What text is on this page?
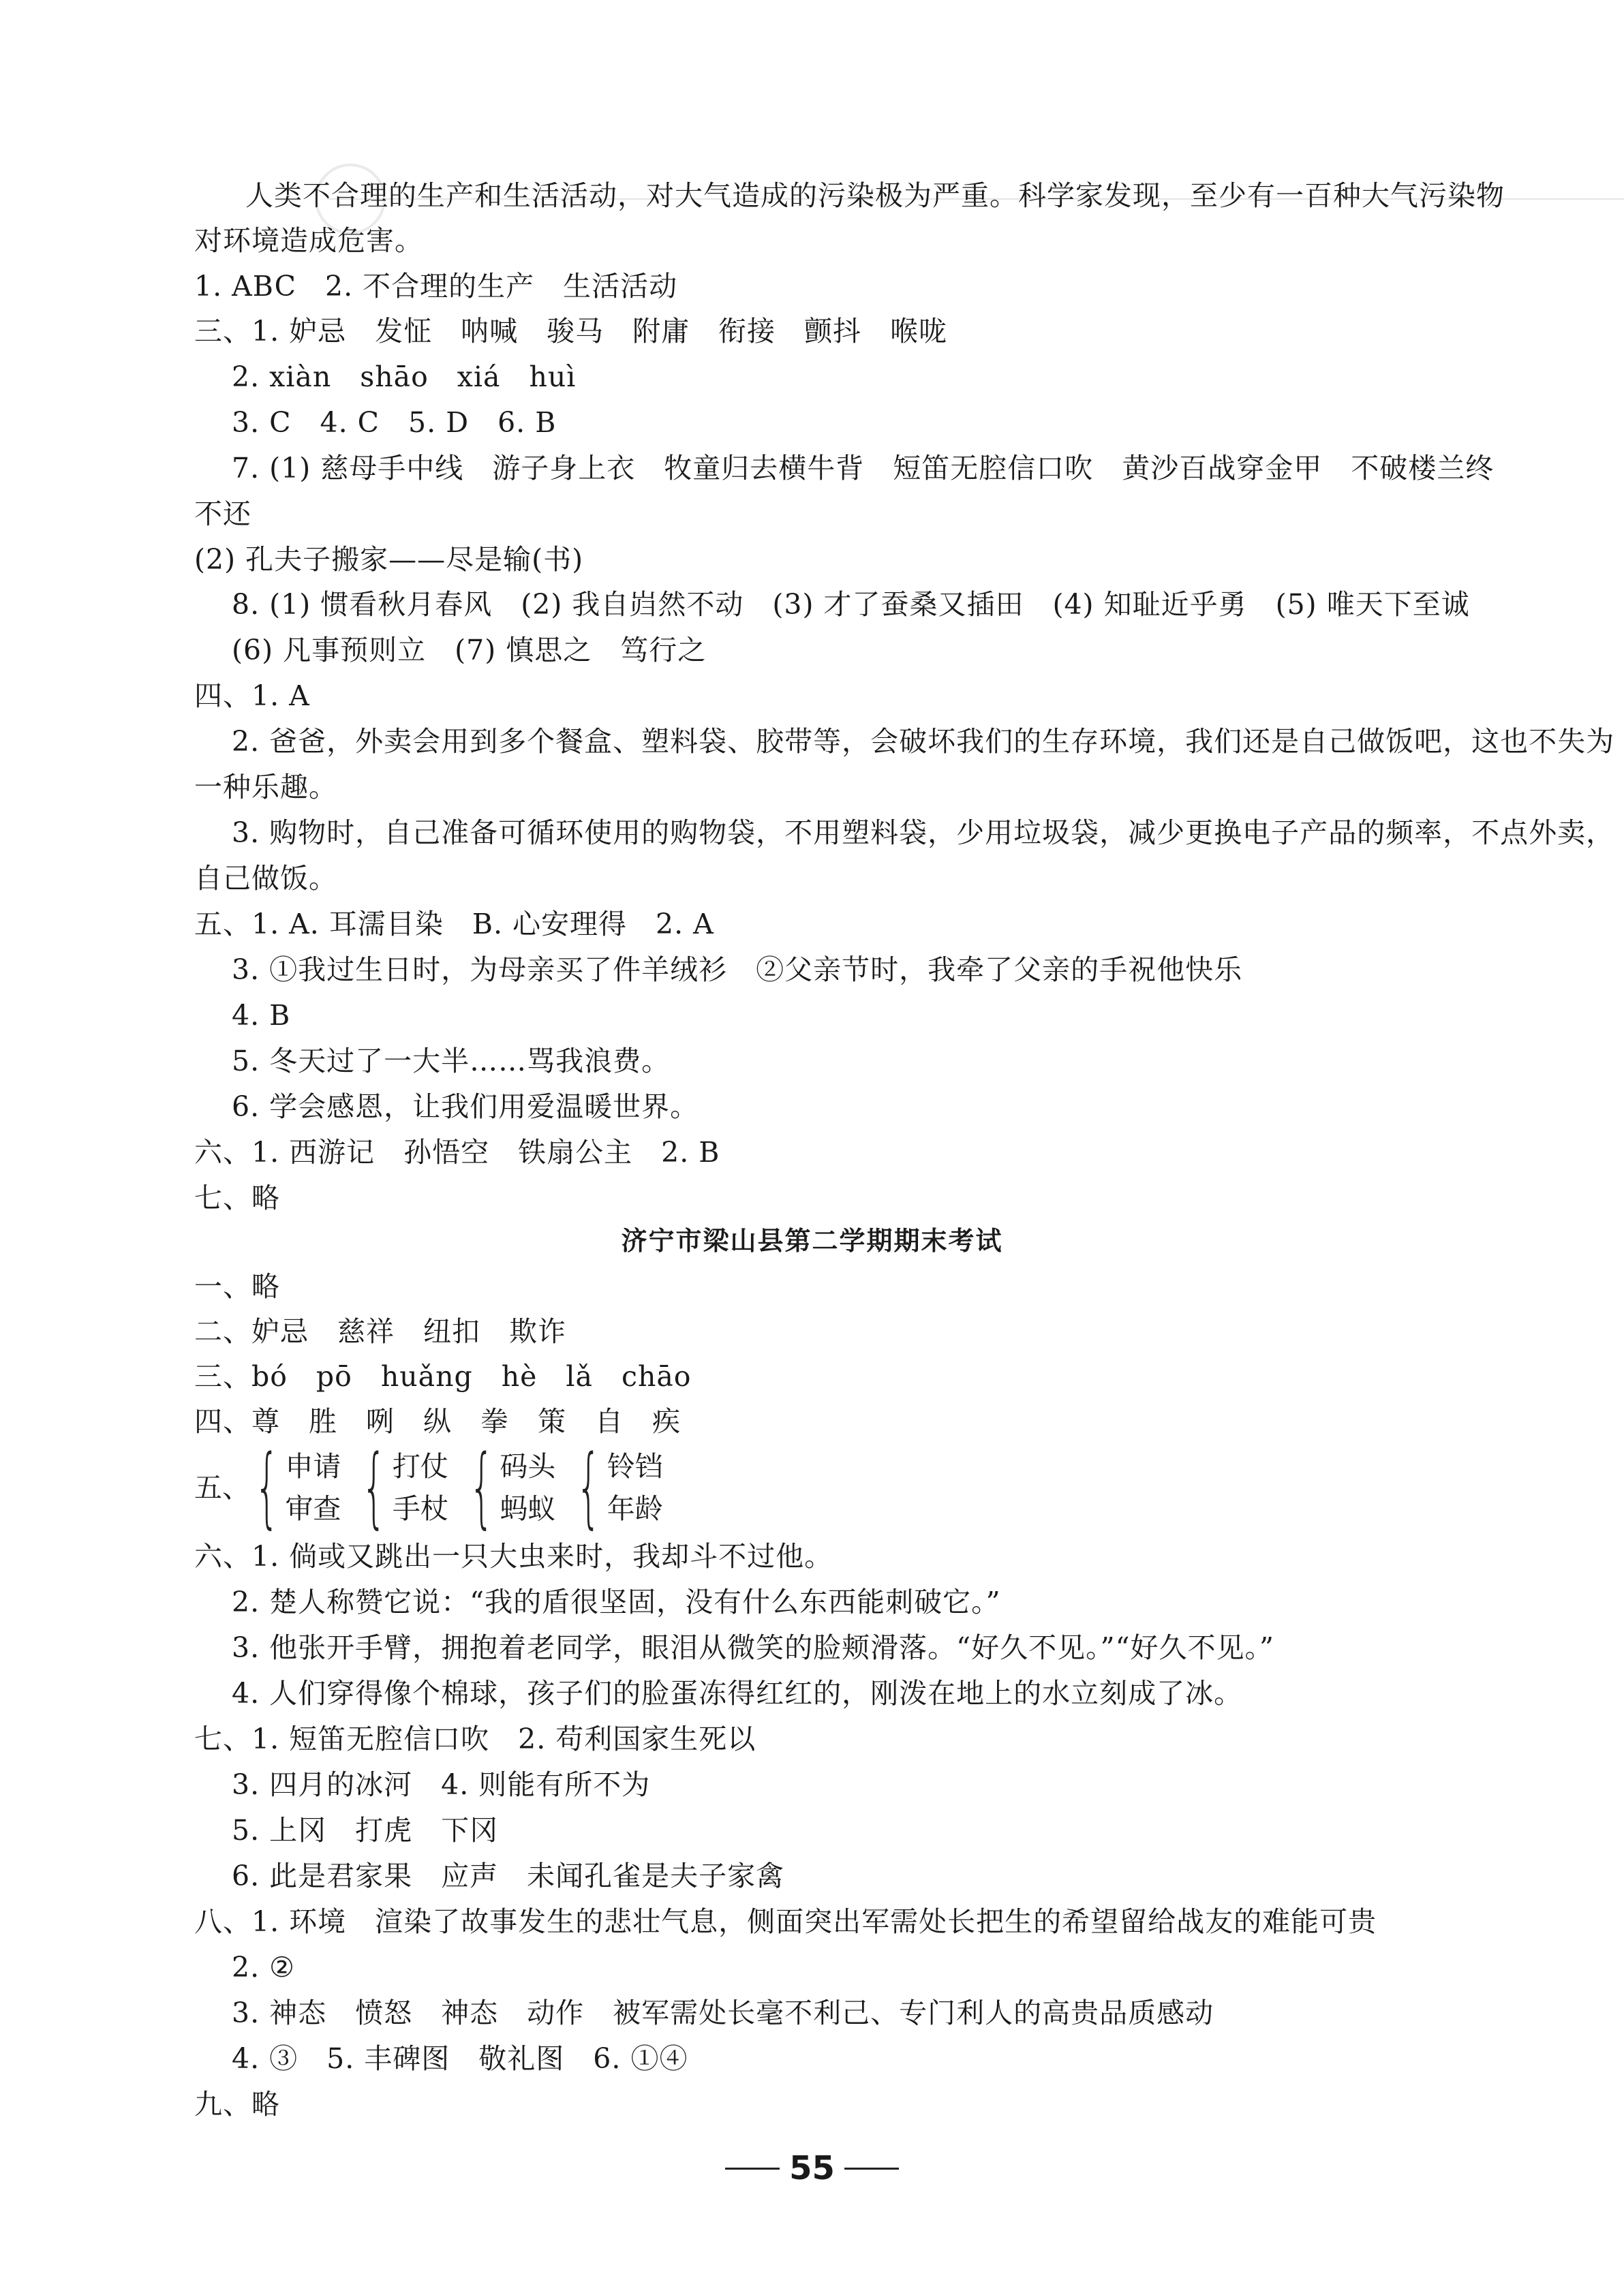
人类不合理的生产和生活活动，对大气造成的污染极为严重。科学家发现，至少有一百种大气污染物
对环境造成危害。
1. ABC　2. 不合理的生产　生活活动
三、1. 妒忌　发怔　呐喊　骏马　附庸　衔接　颤抖　喉咙
2. xiàn　shāo　xiá　huì
3. C　4. C　5. D　6. B
7. (1) 慈母手中线　游子身上衣　牧童归去横牛背　短笛无腔信口吹　黄沙百战穿金甲　不破楼兰终
不还
(2) 孔夫子搬家——尽是输(书)
8. (1) 惯看秋月春风　(2) 我自岿然不动　(3) 才了蚕桑又插田　(4) 知耻近乎勇　(5) 唯天下至诚
(6) 凡事预则立　(7) 慎思之　笃行之
四、1. A
2. 爸爸，外卖会用到多个餐盒、塑料袋、胶带等，会破坏我们的生存环境，我们还是自己做饭吧，这也不失为
一种乐趣。
3. 购物时，自己准备可循环使用的购物袋，不用塑料袋，少用垃圾袋，减少更换电子产品的频率，不点外卖，
自己做饭。
五、1. A. 耳濡目染　B. 心安理得　2. A
3. ①我过生日时，为母亲买了件羊绒衫　②父亲节时，我牵了父亲的手祝他快乐
4. B
5. 冬天过了一大半……骂我浪费。
6. 学会感恩，让我们用爱温暖世界。
六、1. 西游记　孙悟空　铁扇公主　2. B
七、略
济宁市梁山县第二学期期末考试
一、略
二、妒忌　慈祥　纽扣　欺诈
三、bó　pō　huǎng　hè　lǎ　chāo
四、尊　胜　咧　纵　拳　策　自　疾
五、 { 申请
审查 { 打仗
手杖 { 码头
蚂蚁 { 铃铛
年龄
六、1. 倘或又跳出一只大虫来时，我却斗不过他。
2. 楚人称赞它说：“我的盾很坚固，没有什么东西能刺破它。”
3. 他张开手臂，拥抱着老同学，眼泪从微笑的脸颊滑落。“好久不见。”“好久不见。”
4. 人们穿得像个棉球，孩子们的脸蛋冻得红红的，刚泼在地上的水立刻成了冰。
七、1. 短笛无腔信口吹　2. 苟利国家生死以
3. 四月的冰河　4. 则能有所不为
5. 上冈　打虎　下冈
6. 此是君家果　应声　未闻孔雀是夫子家禽
八、1. 环境　渲染了故事发生的悲壮气息，侧面突出军需处长把生的希望留给战友的难能可贵
2. ②
3. 神态　愤怒　神态　动作　被军需处长毫不利己、专门利人的高贵品质感动
4. ③　5. 丰碑图　敬礼图　6. ①④
九、略
55
